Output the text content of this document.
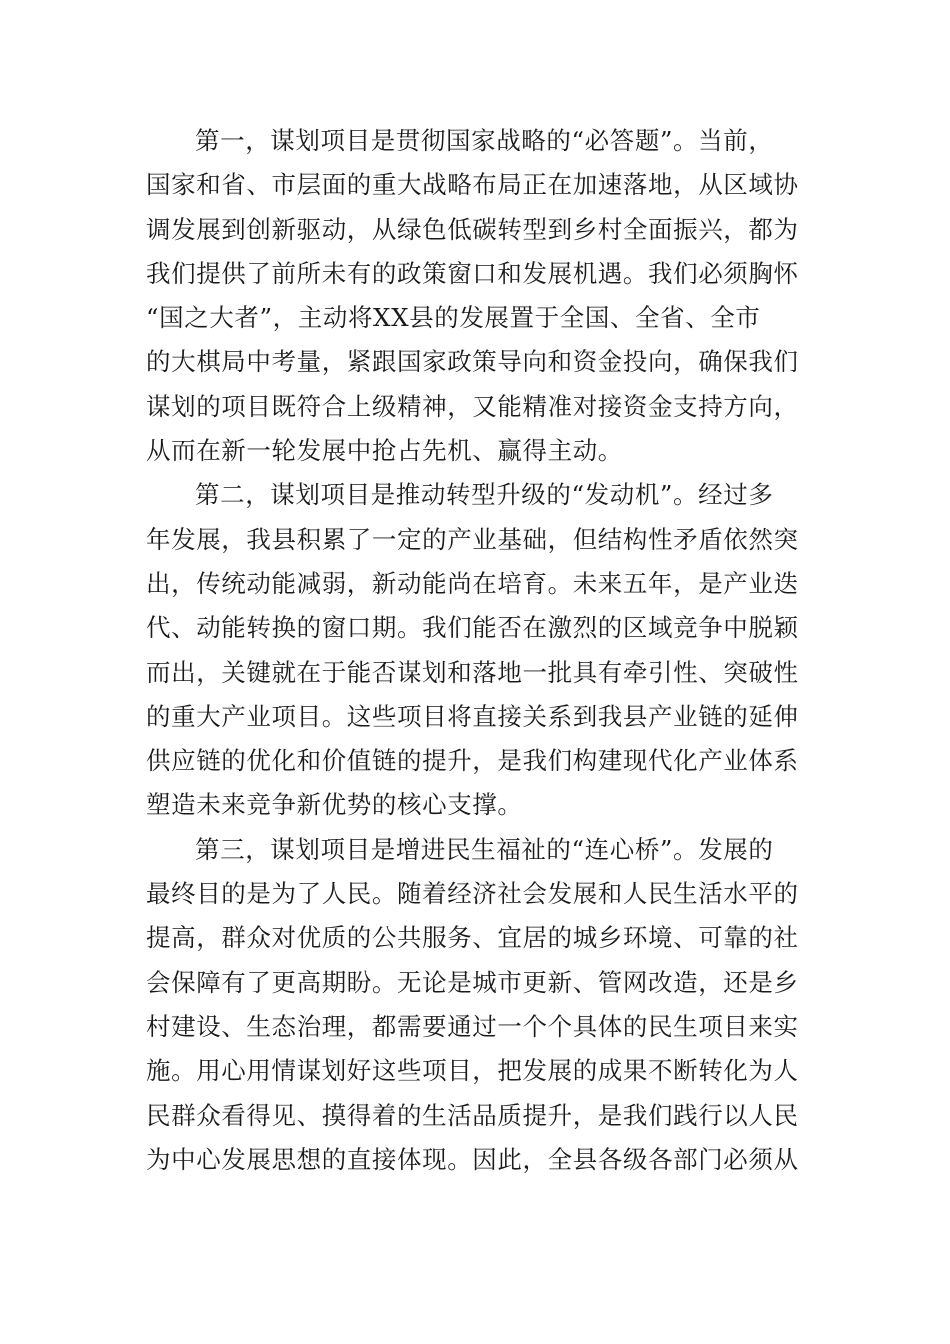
第一，谋划项目是贯彻国家战略的“必答题”。当前，
国家和省、市层面的重大战略布局正在加速落地，从区域协
调发展到创新驱动，从绿色低碳转型到乡村全面振兴，都为
我们提供了前所未有的政策窗口和发展机遇。我们必须胸怀
“国之大者”，主动将XX县的发展置于全国、全省、全市
的大棋局中考量，紧跟国家政策导向和资金投向，确保我们
谋划的项目既符合上级精神，又能精准对接资金支持方向，
从而在新一轮发展中抢占先机、赢得主动。

第二，谋划项目是推动转型升级的“发动机”。经过多
年发展，我县积累了一定的产业基础，但结构性矛盾依然突
出，传统动能减弱，新动能尚在培育。未来五年，是产业迭
代、动能转换的窗口期。我们能否在激烈的区域竞争中脱颖
而出，关键就在于能否谋划和落地一批具有牵引性、突破性
的重大产业项目。这些项目将直接关系到我县产业链的延伸
供应链的优化和价值链的提升，是我们构建现代化产业体系
塑造未来竞争新优势的核心支撑。

第三，谋划项目是增进民生福祉的“连心桥”。发展的
最终目的是为了人民。随着经济社会发展和人民生活水平的
提高，群众对优质的公共服务、宜居的城乡环境、可靠的社
会保障有了更高期盼。无论是城市更新、管网改造，还是乡
村建设、生态治理，都需要通过一个个具体的民生项目来实
施。用心用情谋划好这些项目，把发展的成果不断转化为人
民群众看得见、摸得着的生活品质提升，是我们践行以人民
为中心发展思想的直接体现。因此，全县各级各部门必须从
